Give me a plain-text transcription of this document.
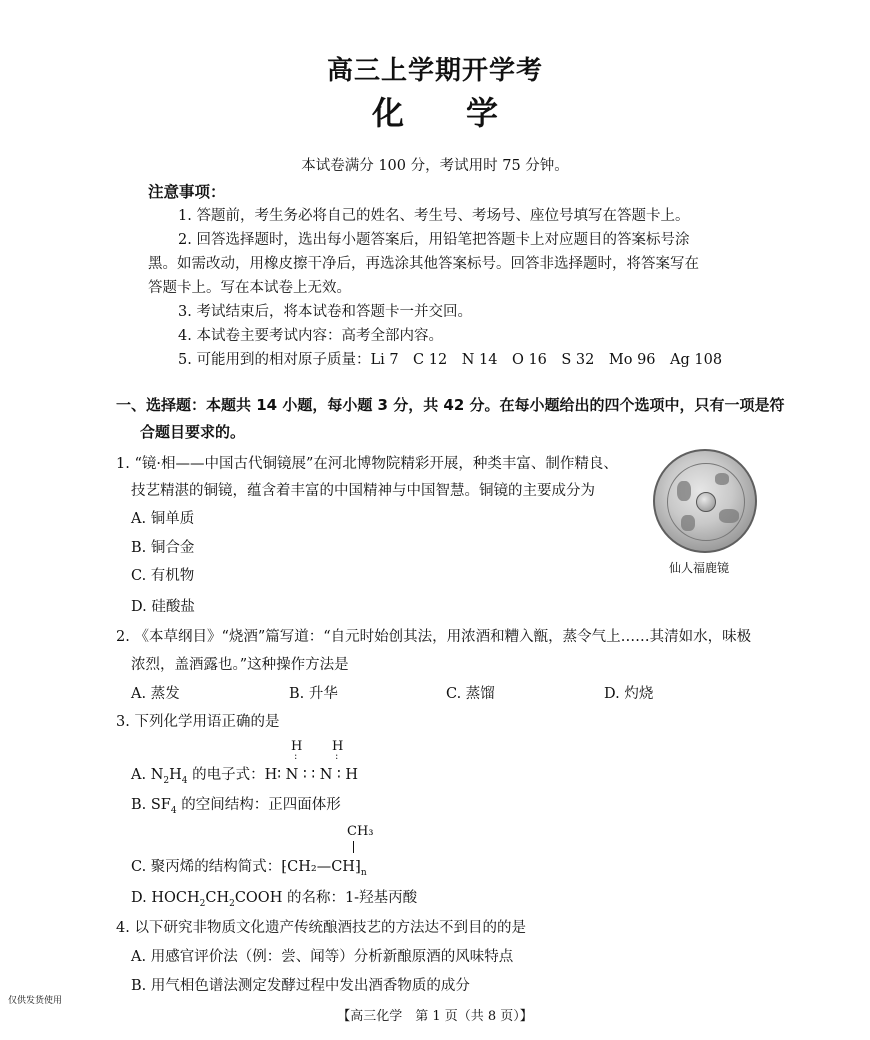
高三上学期开学考
化学
本试卷满分 100 分，考试用时 75 分钟。
注意事项：
1. 答题前，考生务必将自己的姓名、考生号、考场号、座位号填写在答题卡上。
2. 回答选择题时，选出每小题答案后，用铅笔把答题卡上对应题目的答案标号涂
黑。如需改动，用橡皮擦干净后，再选涂其他答案标号。回答非选择题时，将答案写在
答题卡上。写在本试卷上无效。
3. 考试结束后，将本试卷和答题卡一并交回。
4. 本试卷主要考试内容：高考全部内容。
5. 可能用到的相对原子质量：Li 7　C 12　N 14　O 16　S 32　Mo 96　Ag 108
一、选择题：本题共 14 小题，每小题 3 分，共 42 分。在每小题给出的四个选项中，只有一项是符
合题目要求的。
1. “镜·相——中国古代铜镜展”在河北博物院精彩开展，种类丰富、制作精良、
技艺精湛的铜镜，蕴含着丰富的中国精神与中国智慧。铜镜的主要成分为
A. 铜单质
B. 铜合金
C. 有机物
D. 硅酸盐
仙人福鹿镜
2. 《本草纲目》“烧酒”篇写道：“自元时始创其法，用浓酒和糟入甑，蒸令气上……其清如水，味极
浓烈，盖酒露也。”这种操作方法是
A. 蒸发	B. 升华	C. 蒸馏	D. 灼烧
3. 下列化学用语正确的是
H H
:	:
A. $N_2H_4$ 的电子式：H∶ N ∶ ∶ N ∶ H
B. $SF_4$ 的空间结构：正四面体形
CH₃
C. 聚丙烯的结构简式：$⁅CH_2—CH⁆_n$
D. $HOCH_2CH_2COOH$ 的名称：1-羟基丙酸
4. 以下研究非物质文化遗产传统酿酒技艺的方法达不到目的的是
A. 用感官评价法（例：尝、闻等）分析新酿原酒的风味特点
B. 用气相色谱法测定发酵过程中发出酒香物质的成分
仅供发货使用
【高三化学　第 1 页（共 8 页）】
